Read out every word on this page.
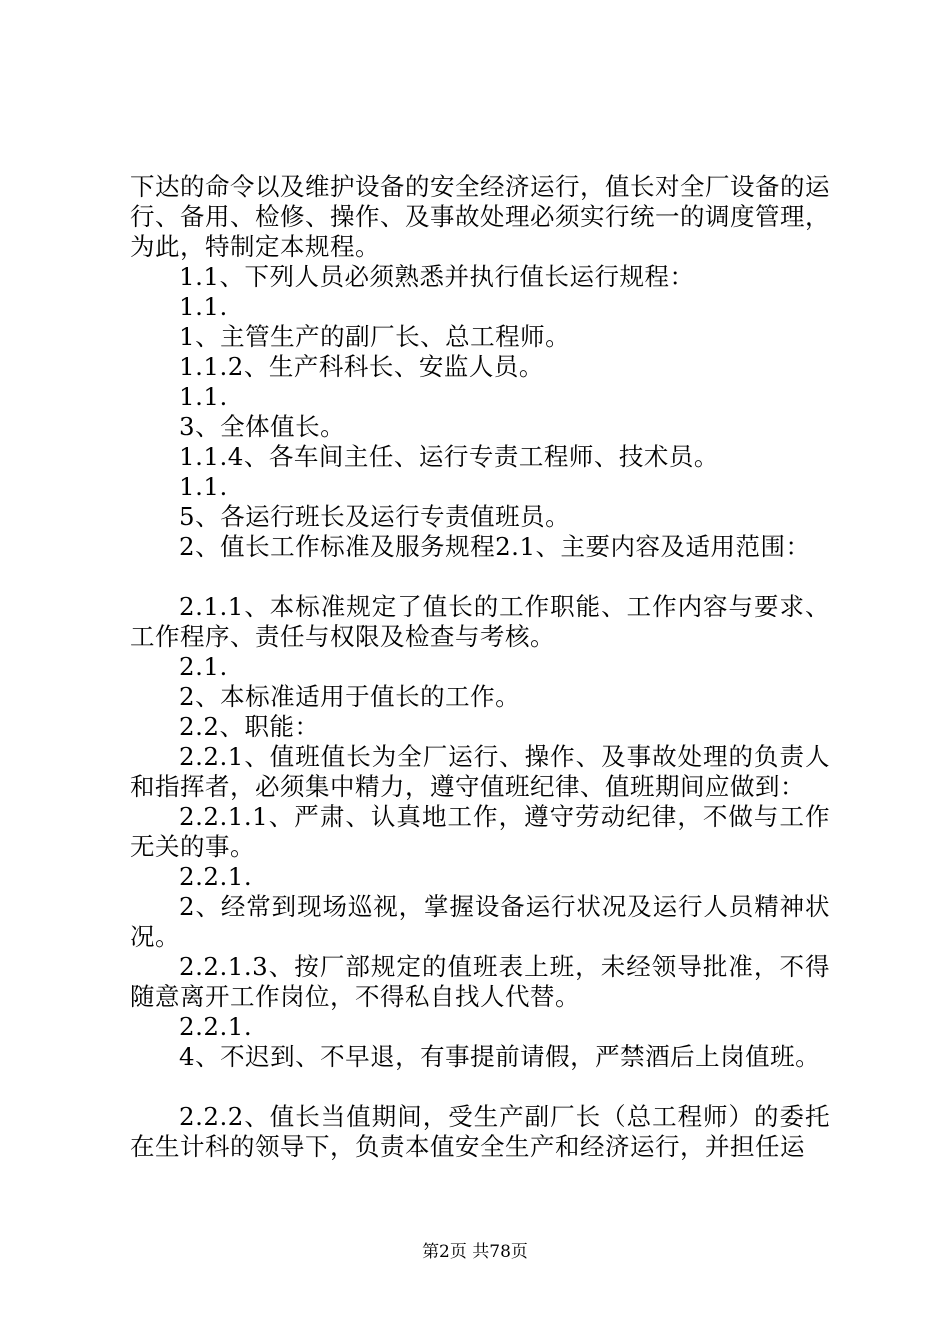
下达的命令以及维护设备的安全经济运行，值长对全厂设备的运行、备用、检修、操作、及事故处理必须实行统一的调度管理，为此，特制定本规程。

1.1、下列人员必须熟悉并执行值长运行规程：

1.1.

1、主管生产的副厂长、总工程师。

1.1.2、生产科科长、安监人员。

1.1.

3、全体值长。

1.1.4、各车间主任、运行专责工程师、技术员。

1.1.

5、各运行班长及运行专责值班员。

2、值长工作标准及服务规程2.1、主要内容及适用范围：

2.1.1、本标准规定了值长的工作职能、工作内容与要求、工作程序、责任与权限及检查与考核。

2.1.

2、本标准适用于值长的工作。

2.2、职能：

2.2.1、值班值长为全厂运行、操作、及事故处理的负责人和指挥者，必须集中精力，遵守值班纪律、值班期间应做到：

2.2.1.1、严肃、认真地工作，遵守劳动纪律，不做与工作无关的事。

2.2.1.

2、经常到现场巡视，掌握设备运行状况及运行人员精神状况。

2.2.1.3、按厂部规定的值班表上班，未经领导批准，不得随意离开工作岗位，不得私自找人代替。

2.2.1.

4、不迟到、不早退，有事提前请假，严禁酒后上岗值班。

2.2.2、值长当值期间，受生产副厂长（总工程师）的委托在生计科的领导下，负责本值安全生产和经济运行，并担任运

第2页 共78页
